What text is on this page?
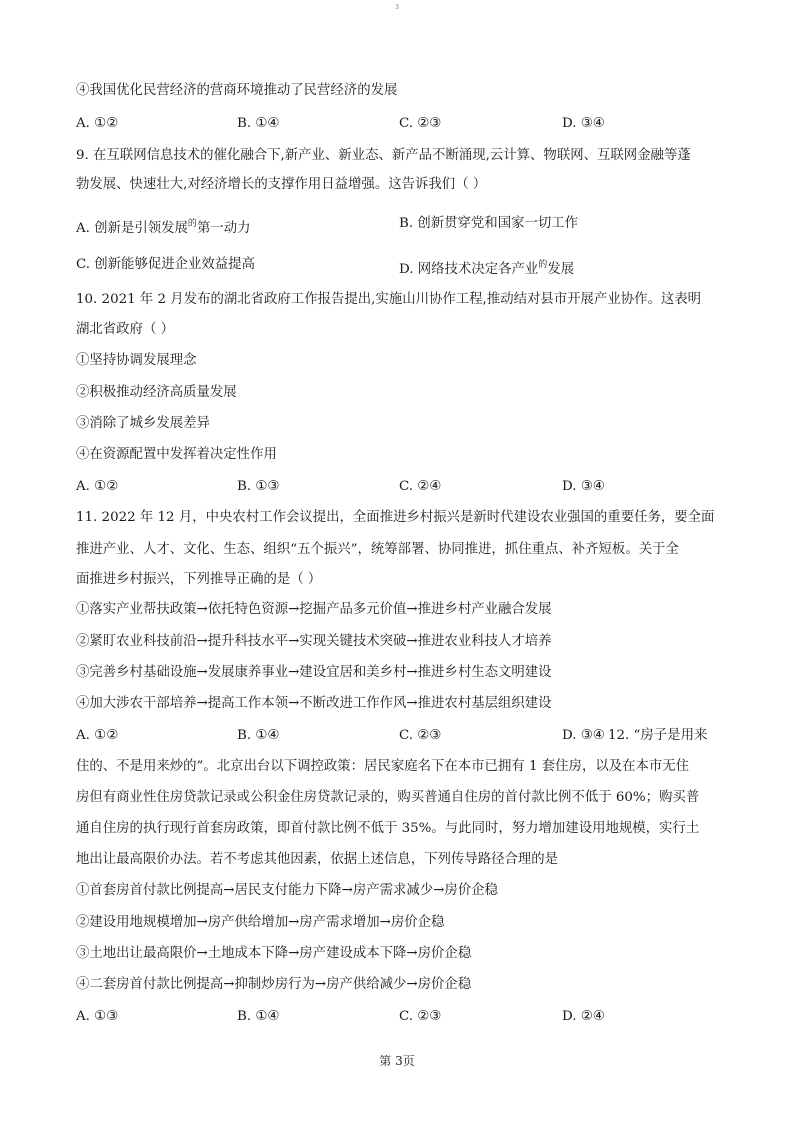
3
④我国优化民营经济的营商环境推动了民营经济的发展
A. ①②	B. ①④	C. ②③	D. ③④
9. 在互联网信息技术的催化融合下,新产业、新业态、新产品不断涌现,云计算、物联网、互联网金融等蓬
勃发展、快速壮大,对经济增长的支撑作用日益增强。这告诉我们（ ）
A. 创新是引领发展$^的$第一动力	B. 创新贯穿党和国家一切工作
C. 创新能够促进企业效益提高	D. 网络技术决定各产业$^的$发展
10. 2021 年 2 月发布的湖北省政府工作报告提出,实施山川协作工程,推动结对县市开展产业协作。这表明
湖北省政府（ ）
①坚持协调发展理念
②积极推动经济高质量发展
③消除了城乡发展差异
④在资源配置中发挥着决定性作用
A. ①②	B. ①③	C. ②④	D. ③④
11. 2022 年 12 月，中央农村工作会议提出，全面推进乡村振兴是新时代建设农业强国的重要任务，要全面
推进产业、人才、文化、生态、组织“五个振兴”，统筹部署、协同推进，抓住重点、补齐短板。关于全
面推进乡村振兴，下列推导正确的是（ ）
①落实产业帮扶政策→依托特色资源→挖掘产品多元价值→推进乡村产业融合发展
②紧盯农业科技前沿→提升科技水平→实现关键技术突破→推进农业科技人才培养
③完善乡村基础设施→发展康养事业→建设宜居和美乡村→推进乡村生态文明建设
④加大涉农干部培养→提高工作本领→不断改进工作作风→推进农村基层组织建设
A. ①②	B. ①④	C. ②③	D. ③④ 12. “房子是用来
住的、不是用来炒的”。北京出台以下调控政策：居民家庭名下在本市已拥有 1 套住房，以及在本市无住
房但有商业性住房贷款记录或公积金住房贷款记录的，购买普通自住房的首付款比例不低于 60%；购买普
通自住房的执行现行首套房政策，即首付款比例不低于 35%。与此同时，努力增加建设用地规模，实行土
地出让最高限价办法。若不考虑其他因素，依据上述信息，下列传导路径合理的是
①首套房首付款比例提高→居民支付能力下降→房产需求减少→房价企稳
②建设用地规模增加→房产供给增加→房产需求增加→房价企稳
③土地出让最高限价→土地成本下降→房产建设成本下降→房价企稳
④二套房首付款比例提高→抑制炒房行为→房产供给减少→房价企稳
A. ①③	B. ①④	C. ②③	D. ②④
第 3页
